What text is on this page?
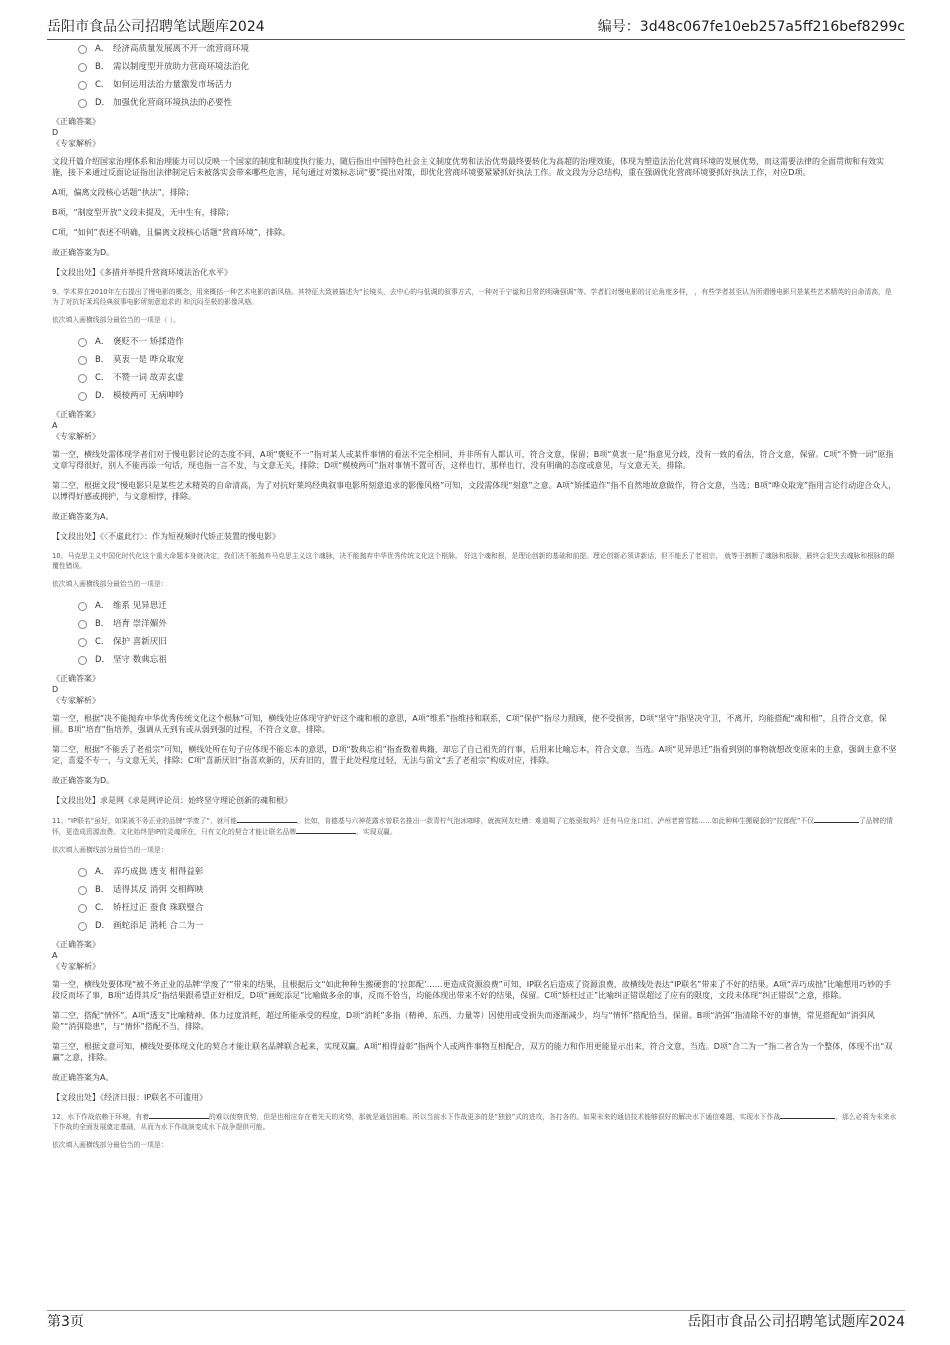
岳阳市食品公司招聘笔试题库2024	编号：3d48c067fe10eb257a5ff216bef8299c
A． 经济高质量发展离不开一流营商环境
B． 需以制度型开放助力营商环境法治化
C． 如何运用法治力量激发市场活力
D． 加强优化营商环境执法的必要性

《正确答案》

D

《专家解析》

文段开篇介绍国家治理体系和治理能力可以反映一个国家的制度和制度执行能力，随后指出中国特色社会主义制度优势和法治优势最终要转化为高超的治理效能，体现为塑造法治化营商环境的发展优势，而这需要法律的全面贯彻和有效实施，接下来通过反面论证指出法律制定后未被落实会带来哪些危害，尾句通过对策标志词“要”提出对策，即优化营商环境要紧紧抓好执法工作。故文段为分总结构，重在强调优化营商环境要抓好执法工作，对应D项。

A项，偏离文段核心话题“执法”，排除；

B项，“制度型开放”文段未提及，无中生有，排除；

C项，“如何”表述不明确，且偏离文段核心话题“营商环境”，排除。

故正确答案为D。

【文段出处】《多措并举提升营商环境法治化水平》

9、学术界在2010年左右提出了慢电影的概念，用来概括一种艺术电影的新风格。其特征大致被描述为“长镜头，去中心的与低调的叙事方式，一种对于宁谧和日常的明确强调”等。学者们对慢电影的讨论角度多样， ，有些学者甚至认为所谓慢电影只是某些艺术精英的自命清高，是为了对抗好莱坞经典叙事电影所刻意追求的 和沉闷至极的影像风格。

依次填入画横线部分最恰当的一项是（ ）。

A． 褒贬不一 矫揉造作
B． 莫衷一是 哗众取宠
C． 不赞一词 故弄玄虚
D． 模棱两可 无病呻吟

《正确答案》

A

《专家解析》

第一空，横线处需体现学者们对于慢电影讨论的态度不同，A项“褒贬不一”指对某人或某件事情的看法不完全相同，并非所有人都认可，符合文意，保留；B项“莫衷一是”指意见分歧，没有一致的看法，符合文意，保留。C项“不赞一词”原指文章写得很好，别人不能再添一句话，现也指一言不发，与文意无关，排除；D项“模棱两可”指对事情不置可否，这样也行，那样也行，没有明确的态度或意见，与文意无关，排除。

第二空，根据文段“慢电影只是某些艺术精英的自命清高，为了对抗好莱坞经典叙事电影所刻意追求的影像风格”可知，文段需体现“刻意”之意。A项“矫揉造作”指不自然地故意做作，符合文意，当选；B项“哗众取宠”指用言论行动迎合众人，以博得好感或拥护，与文意相悖，排除。

故正确答案为A。

【文段出处】《〈不虚此行〉：作为短视频时代矫正装置的慢电影》

10、马克思主义中国化时代化这个重大命题本身就决定，我们决不能抛弃马克思主义这个魂脉，决不能抛弃中华优秀传统文化这个根脉。 好这个魂和根，是理论创新的基础和前提。理论创新必须讲新话，但不能丢了老祖宗， 就等于割断了魂脉和根脉，最终会犯失去魂脉和根脉的颠覆性错误。

依次填入画横线部分最恰当的一项是：

A． 维系 见异思迁
B． 培育 崇洋媚外
C． 保护 喜新厌旧
D． 坚守 数典忘祖

《正确答案》

D

《专家解析》

第一空，根据“决不能抛弃中华优秀传统文化这个根脉”可知，横线处应体现守护好这个魂和根的意思，A项“维系”指维持和联系，C项“保护”指尽力照顾，使不受损害，D项“坚守”指坚决守卫，不离开，均能搭配“魂和根”，且符合文意，保留。B项“培育”指培养，强调从无到有或从弱到强的过程，不符合文意，排除。

第二空，根据“不能丢了老祖宗”可知，横线处所在句子应体现不能忘本的意思，D项“数典忘祖”指查数着典籍，却忘了自己祖先的行事，后用来比喻忘本，符合文意，当选。A项“见异思迁”指看到别的事物就想改变原来的主意，强调主意不坚定，喜爱不专一，与文意无关，排除；C项“喜新厌旧”指喜欢新的，厌弃旧的，置于此处程度过轻，无法与前文“丢了老祖宗”构成对应，排除。

故正确答案为D。

【文段出处】求是网《求是网评论员：始终坚守理论创新的魂和根》

11、“IP联名”虽好，如果被不务正业的品牌“学废了”，就可能	。比如，肯德基与六神花露水曾联名推出一款青柠气泡冰咖啡，就被网友吐槽：难道喝了它能驱蚊吗？还有马应龙口红、泸州老窖雪糕……如此种种生搬硬套的“拉郎配”不仅	了品牌的情怀，更造成资源浪费。文化始终是IP的灵魂所在，只有文化的契合才能让联名品牌	，实现双赢。

依次填入画横线部分最恰当的一项是：

A． 弄巧成拙 透支 相得益彰
B． 适得其反 消弭 交相辉映
C． 矫枉过正 蚕食 珠联璧合
D． 画蛇添足 消耗 合二为一

《正确答案》

A

《专家解析》

第一空，横线处要体现“被不务正业的品牌‘学废了’”带来的结果，且根据后文“如此种种生搬硬套的‘拉郎配’……更造成资源浪费”可知，IP联名后造成了资源浪费，故横线处表达“IP联名”带来了不好的结果。A项“弄巧成拙”比喻想用巧妙的手段反而坏了事，B项“适得其反”指结果跟希望正好相反，D项“画蛇添足”比喻做多余的事，反而不恰当，均能体现出带来不好的结果，保留。C项“矫枉过正”比喻纠正错误超过了应有的限度，文段未体现“纠正错误”之意，排除。

第二空，搭配“情怀”。A项“透支”比喻精神、体力过度消耗，超过所能承受的程度，D项“消耗”多指（精神、东西、力量等）因使用或受损失而逐渐减少，均与“情怀”搭配恰当，保留。B项“消弭”指清除不好的事情，常见搭配如“消弭风险”“消弭隐患”，与“情怀”搭配不当，排除。

第三空，根据文意可知，横线处要体现文化的契合才能让联名品牌联合起来，实现双赢。A项“相得益彰”指两个人或两件事物互相配合，双方的能力和作用更能显示出来，符合文意，当选。D项“合二为一”指二者合为一个整体，体现不出“双赢”之意，排除。

故正确答案为A。

【文段出处】《经济日报：IP联名不可滥用》

12、水下作战依赖于环境，有着	的难以侦察优势，但是也相应存在着先天的劣势，那就是通信困难。所以当前水下作战更多的是“独狼”式的进攻，各打各的。如果未来的通信技术能够很好的解决水下通信难题，实现水下作战	，那么必将为未来水下作战的全面发展奠定基础，从而为水下作战演变成水下战争提供可能。

依次填入画横线部分最恰当的一项是：

第3页	岳阳市食品公司招聘笔试题库2024
